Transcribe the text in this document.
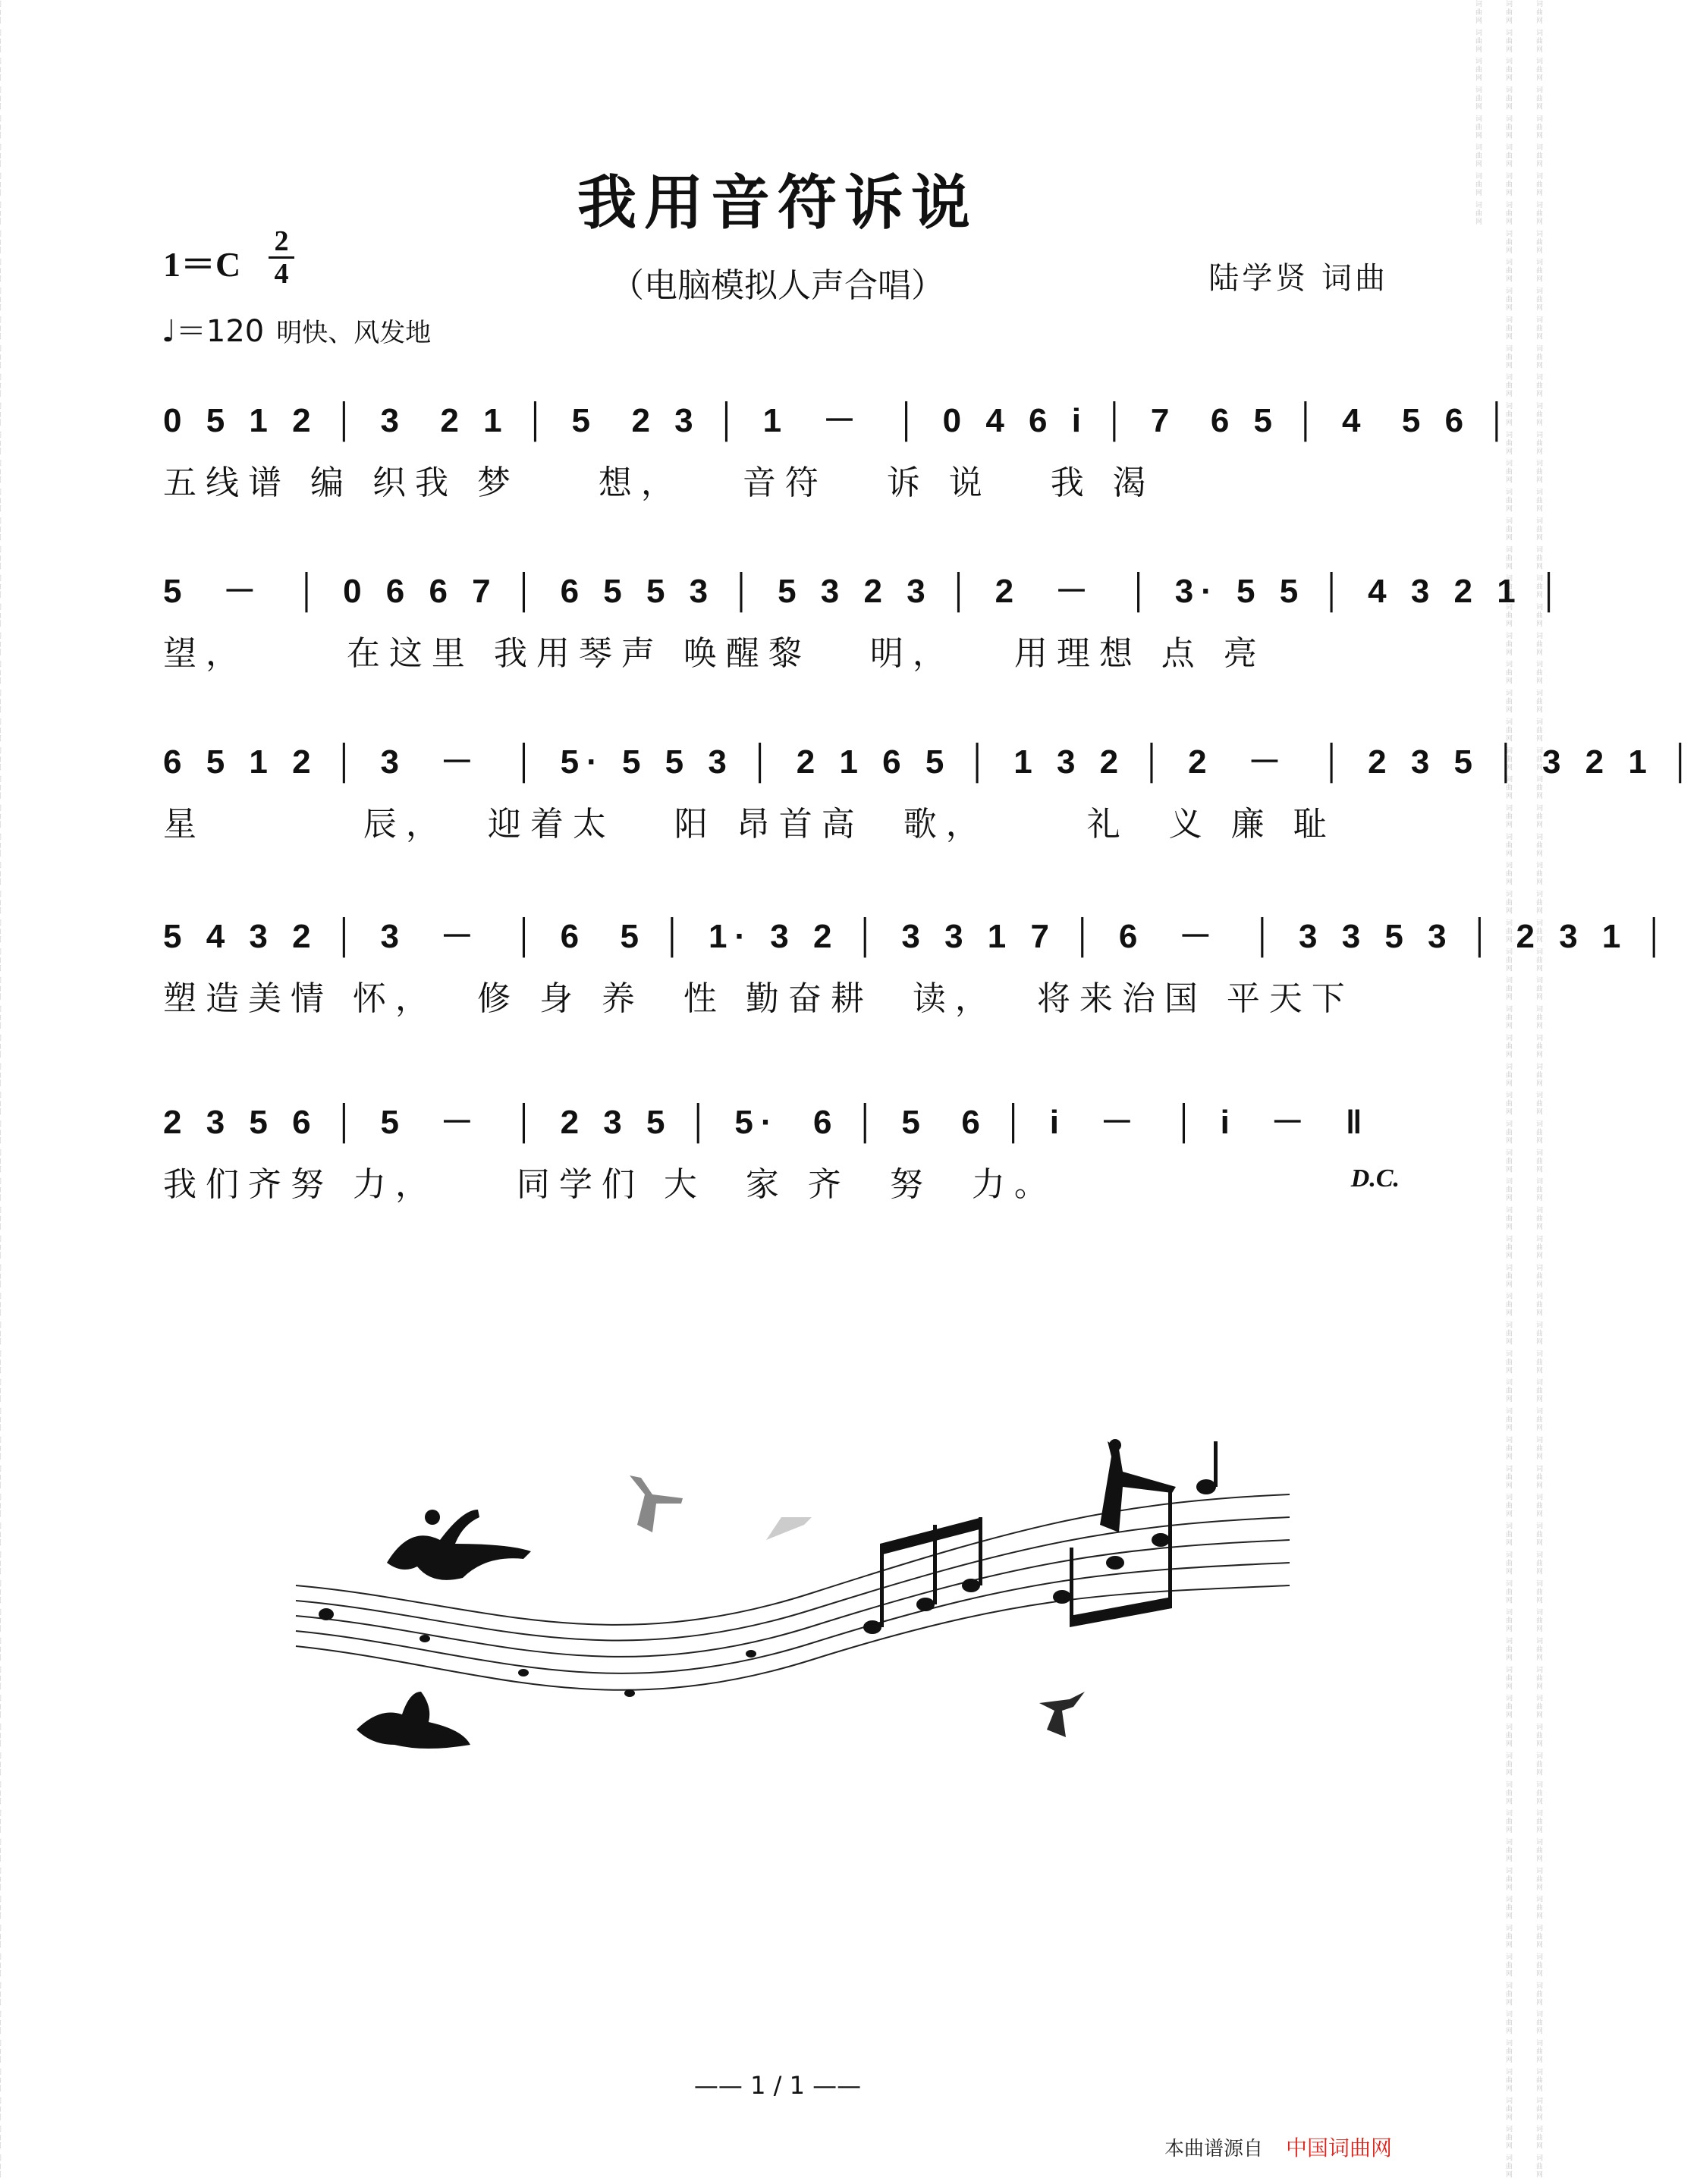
词曲网 词曲网 词曲网 词曲网 词曲网 词曲网 词曲网 词曲网 词曲网 词曲网 词曲网 词曲网 词曲网 词曲网 词曲网 词曲网 词曲网 词曲网 词曲网 词曲网 词曲网 词曲网 词曲网 词曲网 词曲网 词曲网 词曲网 词曲网 词曲网 词曲网 词曲网 词曲网 词曲网 词曲网 词曲网 词曲网 词曲网 词曲网 词曲网 词曲网 词曲网 词曲网 词曲网 词曲网 词曲网 词曲网 词曲网 词曲网 词曲网 词曲网 词曲网 词曲网 词曲网 词曲网 词曲网 词曲网 词曲网 词曲网 词曲网 词曲网 词曲网 词曲网 词曲网 词曲网 词曲网 词曲网 词曲网 词曲网 词曲网 词曲网 词曲网 词曲网 词曲网 词曲网 词曲网 词曲网 词曲网 词曲网 词曲网 词曲网 词曲网 词曲网 词曲网 词曲网 词曲网 词曲网 词曲网 词曲网 词曲网 词曲网 词曲网 词曲网 词曲网 词曲网 词曲网 词曲网 词曲网 词曲网 词曲网 词曲网 词曲网 词曲网 词曲网 词曲网 词曲网 词曲网 词曲网 词曲网 词曲网 词曲网 词曲网 词曲网 词曲网 词曲网 词曲网 词曲网 词曲网 词曲网 词曲网 词曲网 词曲网 词曲网 词曲网 词曲网 词曲网 词曲网 词曲网 词曲网 词曲网 词曲网 词曲网 词曲网 词曲网 词曲网 词曲网 词曲网 词曲网 词曲网 词曲网 词曲网 词曲网 词曲网 词曲网 词曲网 词曲网 词曲网 词曲网 词曲网 词曲网 词曲网 词曲网 词曲网 词曲网 词曲网 词曲网 词曲网 词曲网 词曲网 词曲网 词曲网
我用音符诉说
1＝C
2
4	（电脑模拟人声合唱）	陆学贤 词曲
♩＝120 明快、风发地
0 5 1 2 │ 3  2 1 │ 5  2 3 │ 1  －  │ 0 4 6 i │ 7  6 5 │ 4  5 6 │
五线谱 编 织我 梦    想，   音符   诉 说   我 渴
5  －  │ 0 6 6 7 │ 6 5 5 3 │ 5 3 2 3 │ 2  －  │ 3· 5 5 │ 4 3 2 1 │
望，     在这里 我用琴声 唤醒黎   明，   用理想 点 亮
6 5 1 2 │ 3  －  │ 5· 5 5 3 │ 2 1 6 5 │ 1 3 2 │ 2  －  │ 2 3 5 │ 3 2 1 │
星        辰，  迎着太   阳 昂首高  歌，     礼  义 廉 耻
5 4 3 2 │ 3  －  │ 6  5 │ 1· 3 2 │ 3 3 1 7 │ 6  －  │ 3 3 5 3 │ 2 3 1 │
塑造美情 怀，  修 身 养  性 勤奋耕  读，  将来治国 平天下
2 3 5 6 │ 5  －  │ 2 3 5 │ 5·  6 │ 5  6 │ i  －  │ i  －  ‖
我们齐努 力，    同学们 大  家 齐  努  力。	D.C.
—— 1 / 1 ——
本曲谱源自 中国词曲网
